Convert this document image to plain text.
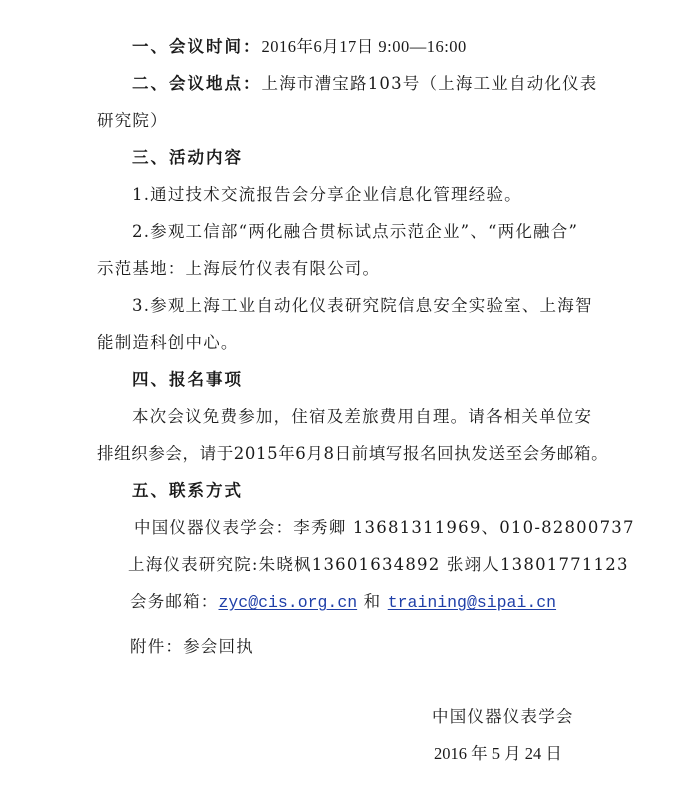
一、会议时间：2016年6月17日 9:00—16:00
二、会议地点：上海市漕宝路103号（上海工业自动化仪表
研究院）
三、活动内容
1.通过技术交流报告会分享企业信息化管理经验。
2.参观工信部“两化融合贯标试点示范企业”、“两化融合”
示范基地：上海辰竹仪表有限公司。
3.参观上海工业自动化仪表研究院信息安全实验室、上海智
能制造科创中心。
四、报名事项
本次会议免费参加，住宿及差旅费用自理。请各相关单位安
排组织参会，请于2015年6月8日前填写报名回执发送至会务邮箱。
五、联系方式
中国仪器仪表学会：李秀卿 13681311969、010-82800737
上海仪表研究院:朱晓枫13601634892 张翊人13801771123
会务邮箱：zyc@cis.org.cn 和 training@sipai.cn
附件：参会回执
中国仪器仪表学会
2016 年 5 月 24 日
